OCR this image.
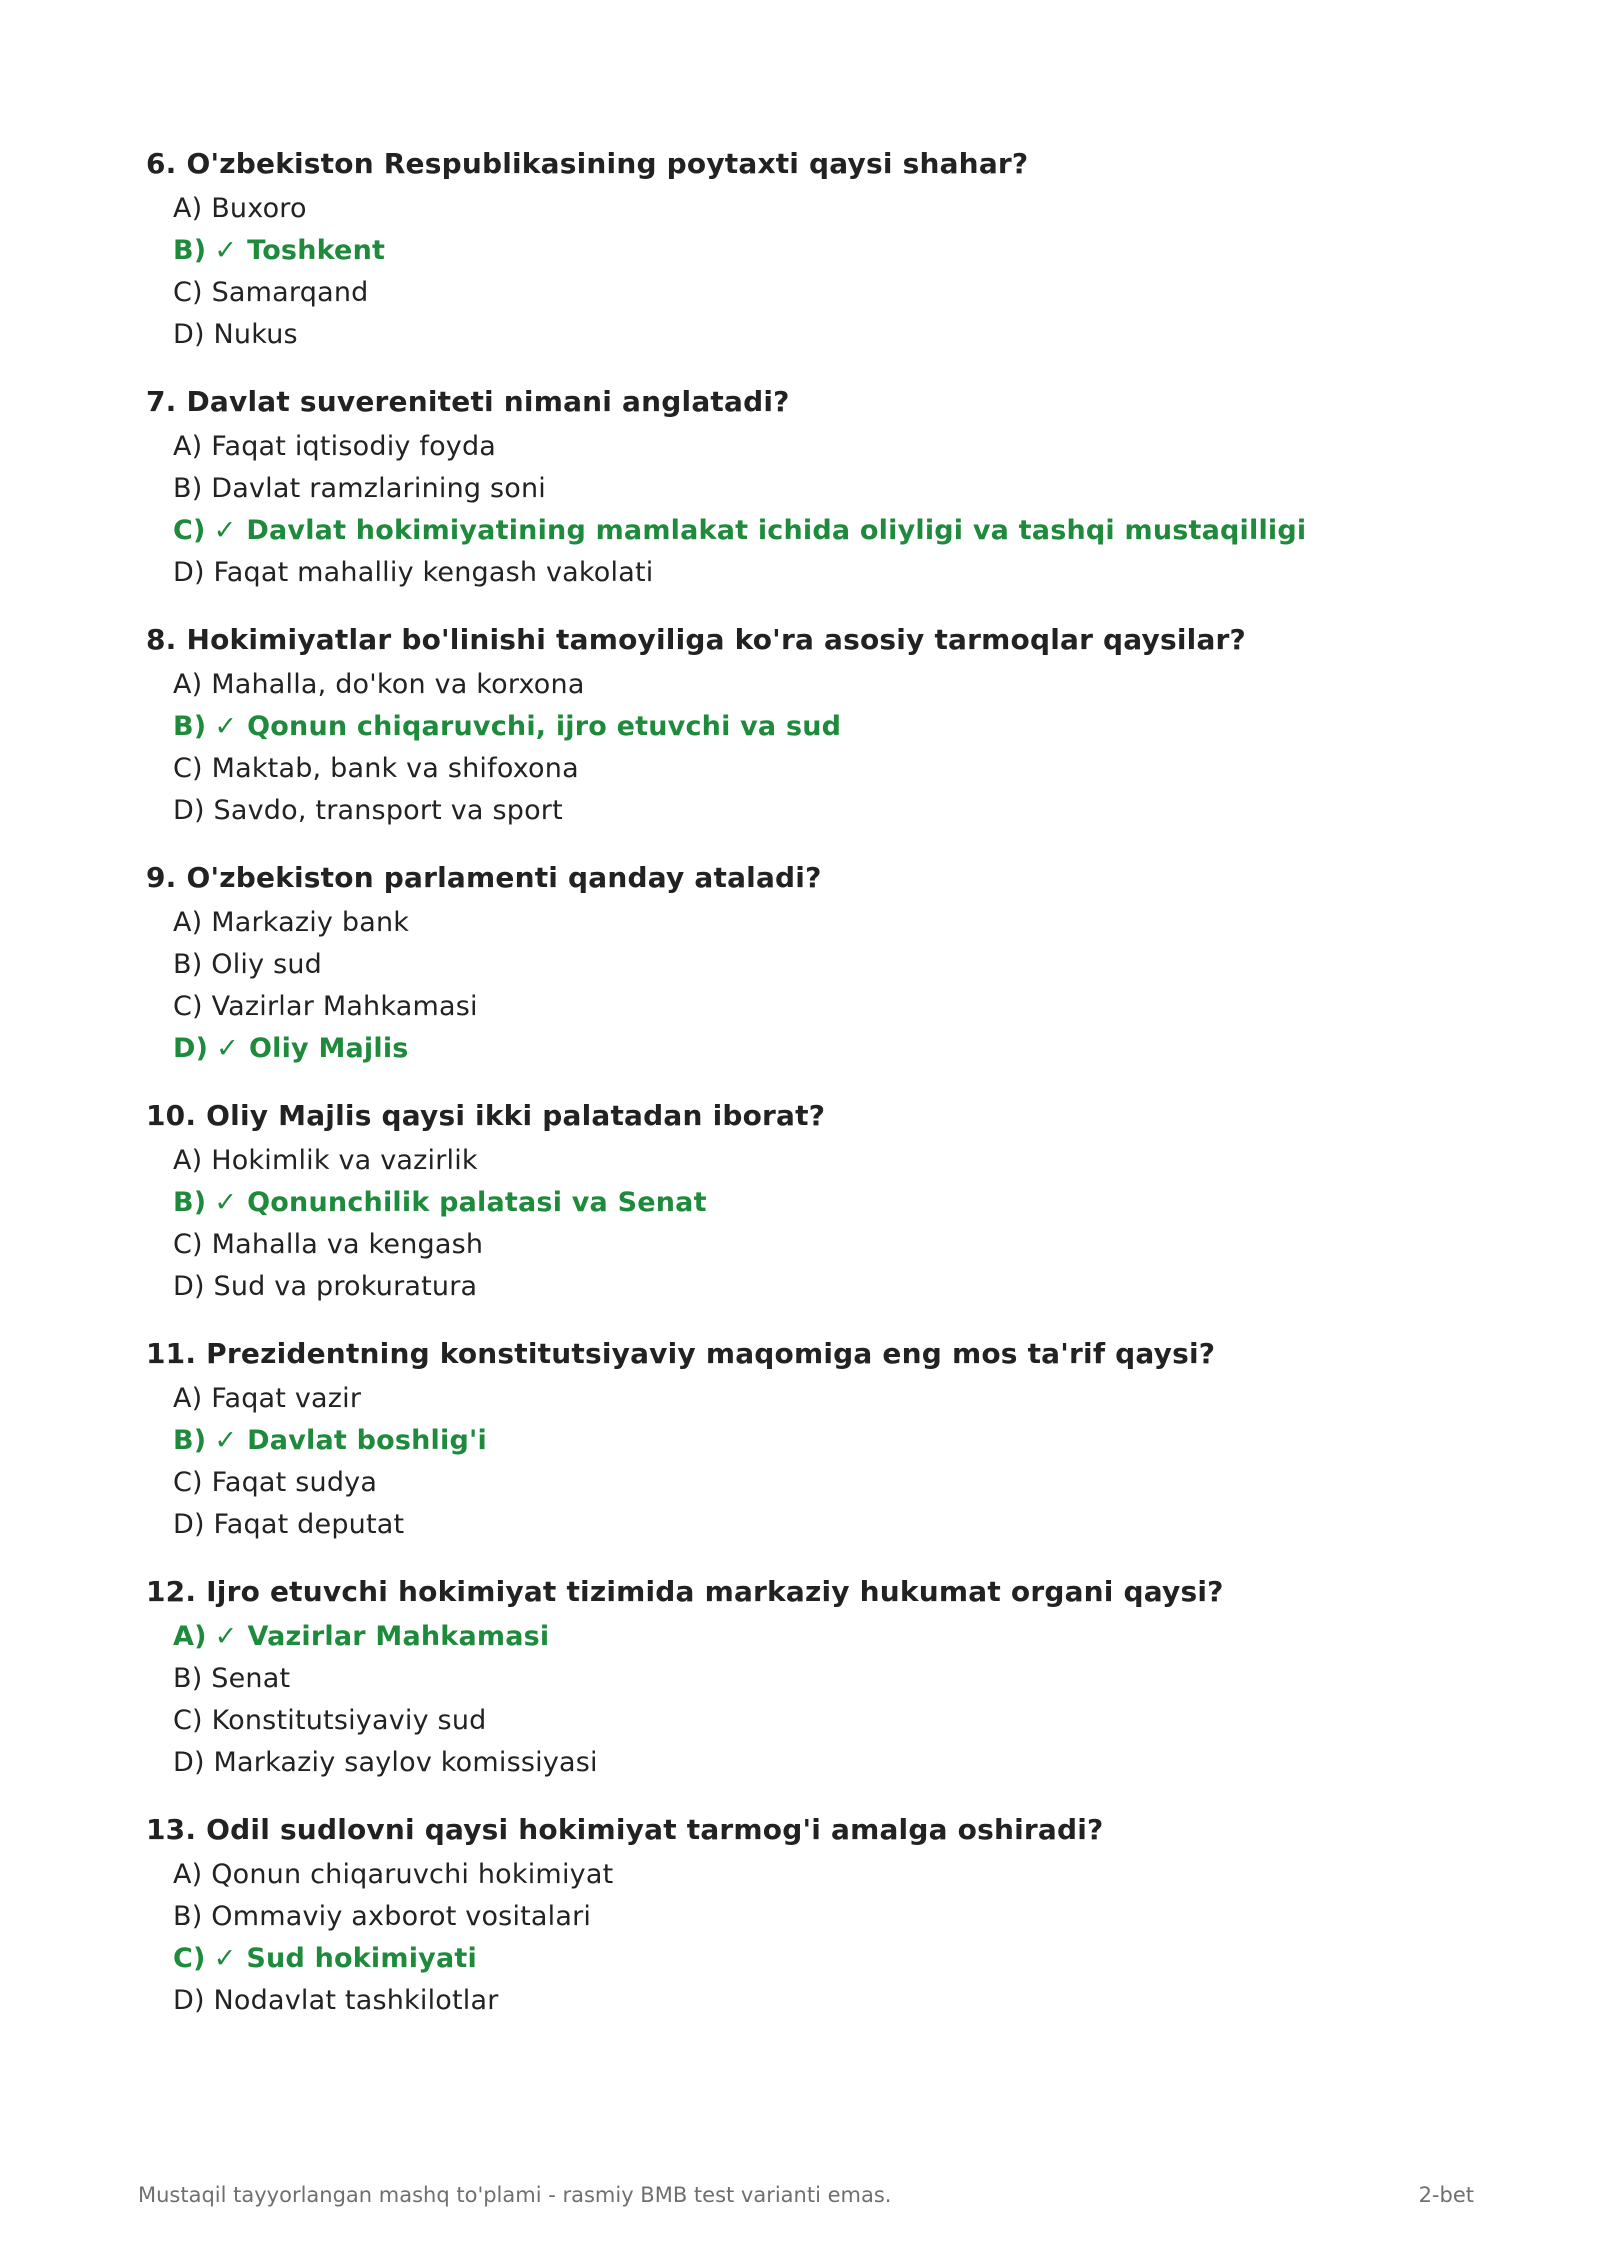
6. O'zbekiston Respublikasining poytaxti qaysi shahar?
A) Buxoro
B) ✓ Toshkent
C) Samarqand
D) Nukus
7. Davlat suvereniteti nimani anglatadi?
A) Faqat iqtisodiy foyda
B) Davlat ramzlarining soni
C) ✓ Davlat hokimiyatining mamlakat ichida oliyligi va tashqi mustaqilligi
D) Faqat mahalliy kengash vakolati
8. Hokimiyatlar bo'linishi tamoyiliga ko'ra asosiy tarmoqlar qaysilar?
A) Mahalla, do'kon va korxona
B) ✓ Qonun chiqaruvchi, ijro etuvchi va sud
C) Maktab, bank va shifoxona
D) Savdo, transport va sport
9. O'zbekiston parlamenti qanday ataladi?
A) Markaziy bank
B) Oliy sud
C) Vazirlar Mahkamasi
D) ✓ Oliy Majlis
10. Oliy Majlis qaysi ikki palatadan iborat?
A) Hokimlik va vazirlik
B) ✓ Qonunchilik palatasi va Senat
C) Mahalla va kengash
D) Sud va prokuratura
11. Prezidentning konstitutsiyaviy maqomiga eng mos ta'rif qaysi?
A) Faqat vazir
B) ✓ Davlat boshlig'i
C) Faqat sudya
D) Faqat deputat
12. Ijro etuvchi hokimiyat tizimida markaziy hukumat organi qaysi?
A) ✓ Vazirlar Mahkamasi
B) Senat
C) Konstitutsiyaviy sud
D) Markaziy saylov komissiyasi
13. Odil sudlovni qaysi hokimiyat tarmog'i amalga oshiradi?
A) Qonun chiqaruvchi hokimiyat
B) Ommaviy axborot vositalari
C) ✓ Sud hokimiyati
D) Nodavlat tashkilotlar
Mustaqil tayyorlangan mashq to'plami - rasmiy BMB test varianti emas.	2-bet
